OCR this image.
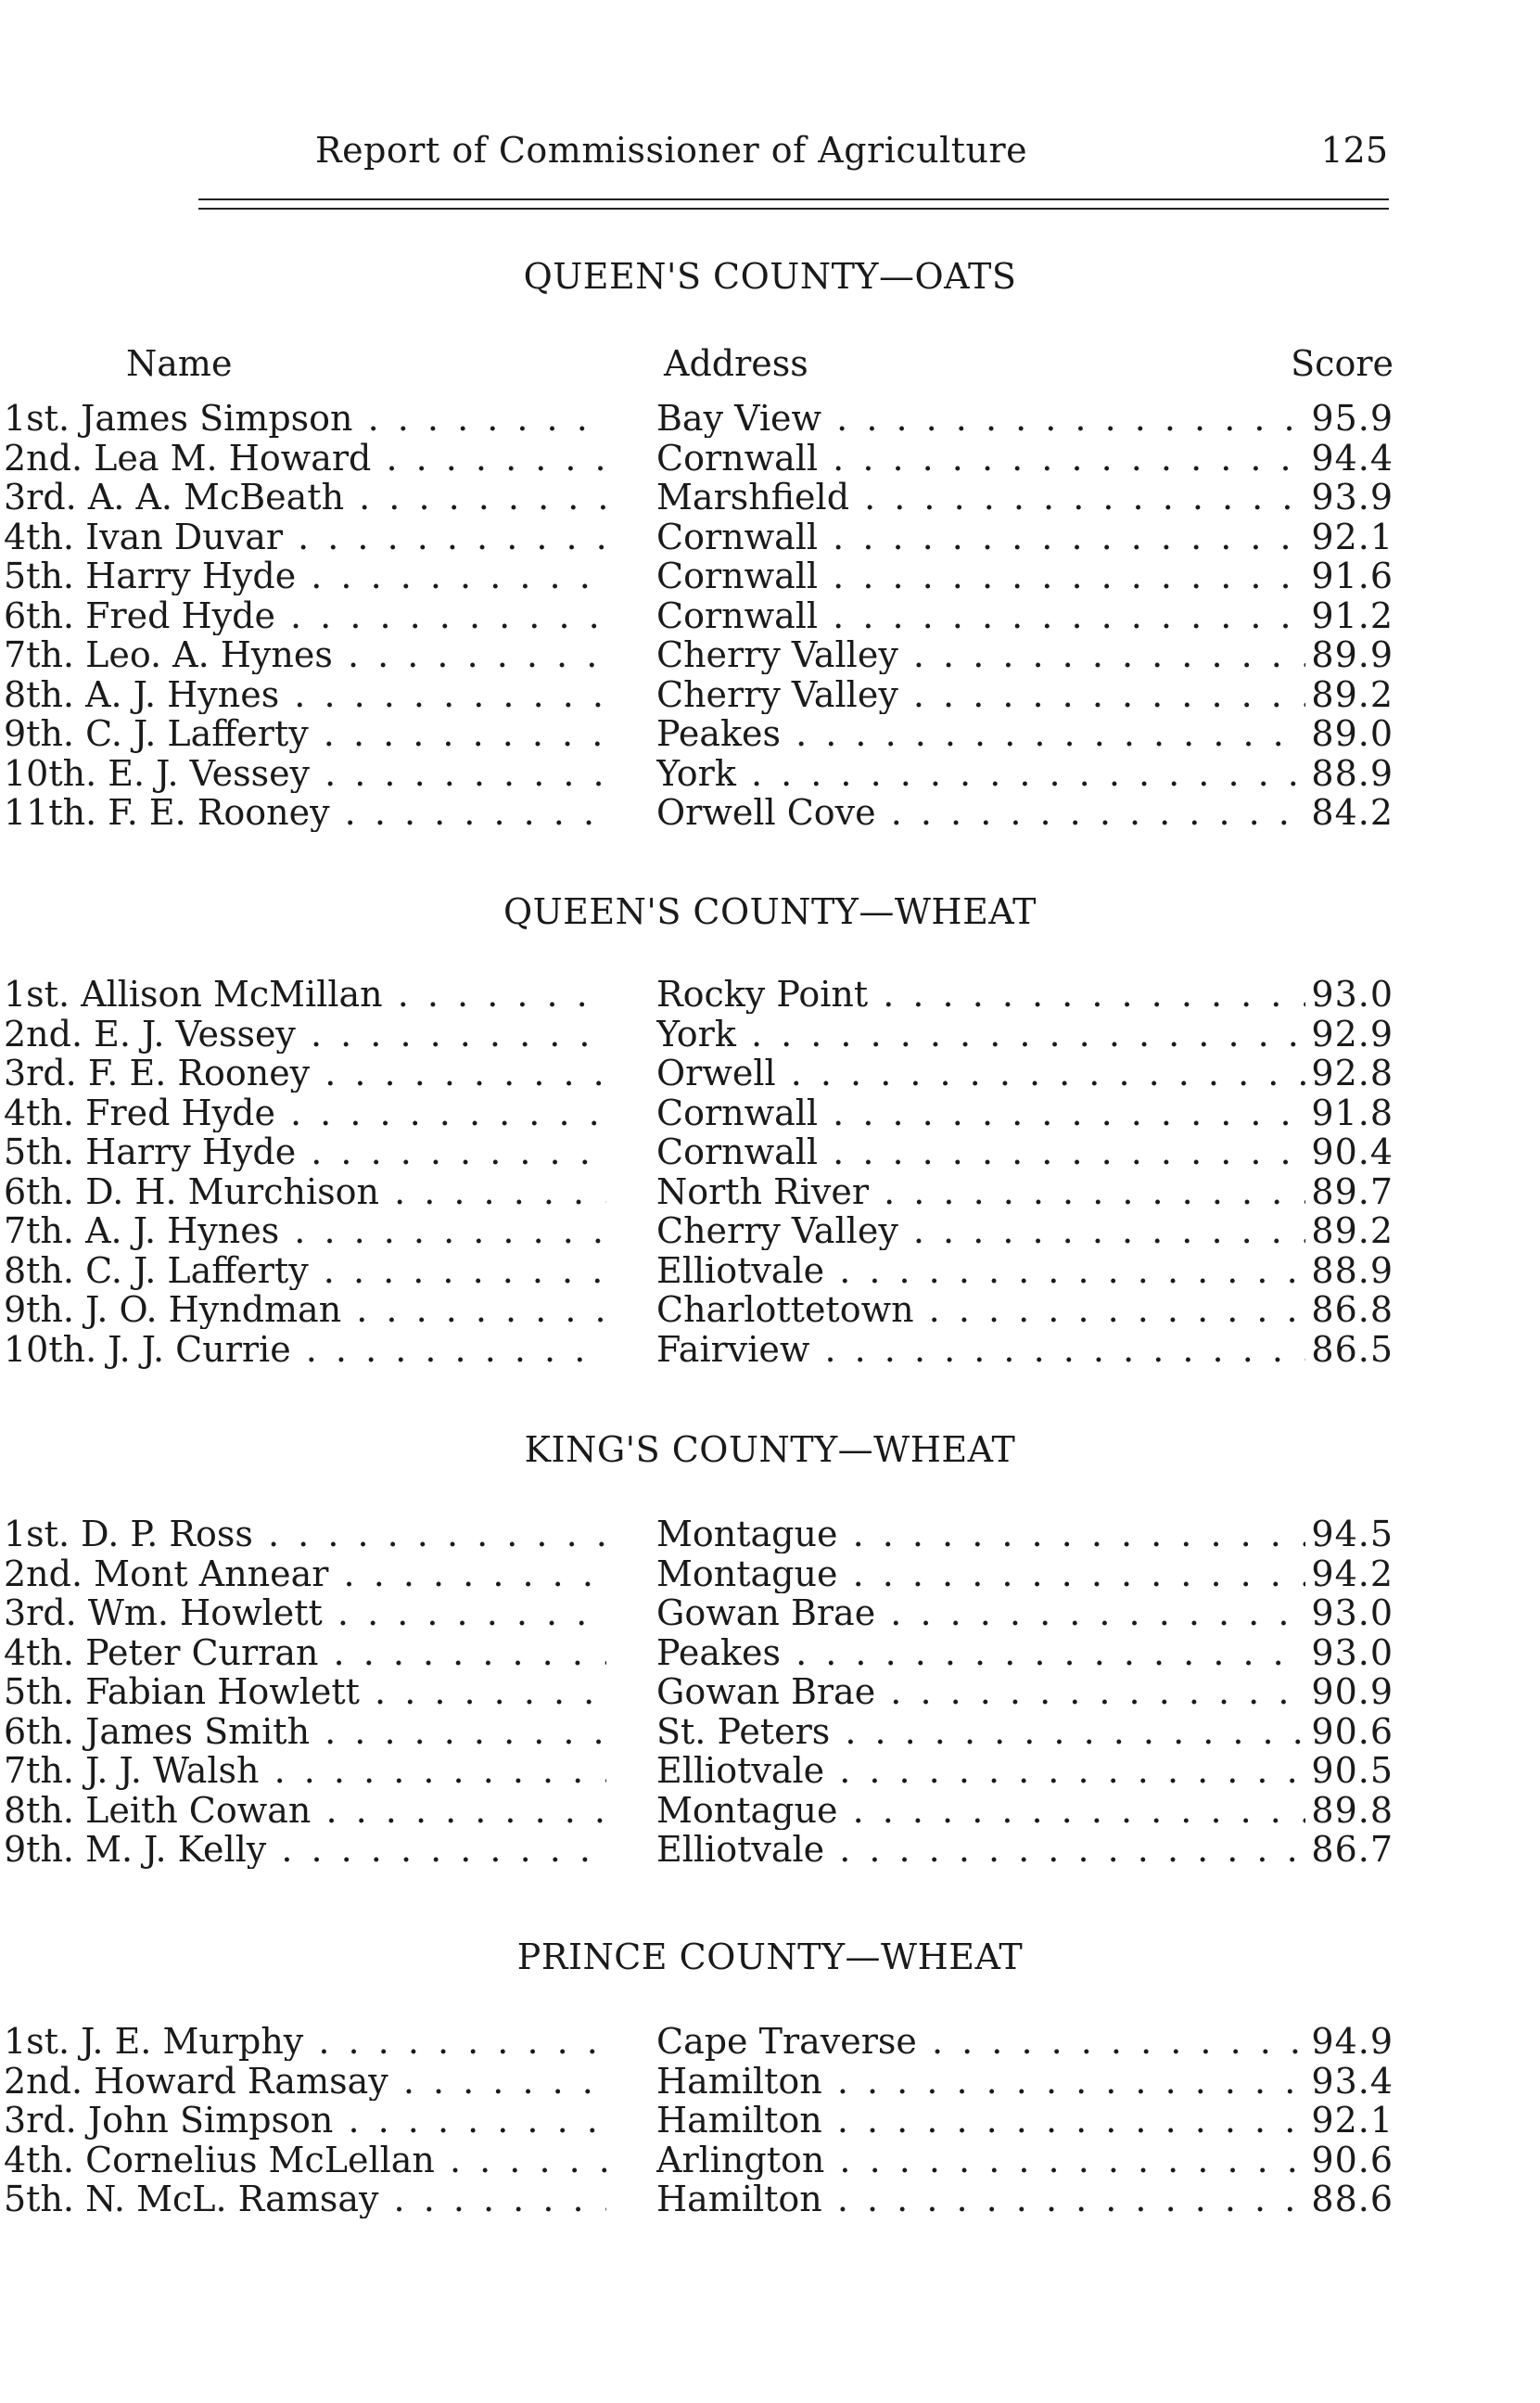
Report of Commissioner of Agriculture	125
QUEEN'S COUNTY—OATS
Name	Address	Score
1st. James Simpson . . .	Bay View . . .	95.9
2nd. Lea M. Howard . . .	Cornwall . . .	94.4
3rd. A. A. McBeath . . .	Marshfield . . .	93.9
4th. Ivan Duvar . . .	Cornwall . . .	92.1
5th. Harry Hyde . . .	Cornwall . . .	91.6
6th. Fred Hyde . . .	Cornwall . . .	91.2
7th. Leo. A. Hynes . . .	Cherry Valley . . .	89.9
8th. A. J. Hynes . . .	Cherry Valley . . .	89.2
9th. C. J. Lafferty . . .	Peakes . . .	89.0
10th. E. J. Vessey . . .	York . . .	88.9
11th. F. E. Rooney . . .	Orwell Cove . . .	84.2
QUEEN'S COUNTY—WHEAT
1st. Allison McMillan . . .	Rocky Point . . .	93.0
2nd. E. J. Vessey . . .	York . . .	92.9
3rd. F. E. Rooney . . .	Orwell . . .	92.8
4th. Fred Hyde . . .	Cornwall . . .	91.8
5th. Harry Hyde . . .	Cornwall . . .	90.4
6th. D. H. Murchison . . .	North River . . .	89.7
7th. A. J. Hynes . . .	Cherry Valley . . .	89.2
8th. C. J. Lafferty . . .	Elliotvale . . .	88.9
9th. J. O. Hyndman . . .	Charlottetown . . .	86.8
10th. J. J. Currie . . .	Fairview . . .	86.5
KING'S COUNTY—WHEAT
1st. D. P. Ross . . .	Montague . . .	94.5
2nd. Mont Annear . . .	Montague . . .	94.2
3rd. Wm. Howlett . . .	Gowan Brae . . .	93.0
4th. Peter Curran . . .	Peakes . . .	93.0
5th. Fabian Howlett . . .	Gowan Brae . . .	90.9
6th. James Smith . . .	St. Peters . . .	90.6
7th. J. J. Walsh . . .	Elliotvale . . .	90.5
8th. Leith Cowan . . .	Montague . . .	89.8
9th. M. J. Kelly . . .	Elliotvale . . .	86.7
PRINCE COUNTY—WHEAT
1st. J. E. Murphy . . .	Cape Traverse . . .	94.9
2nd. Howard Ramsay . . .	Hamilton . . .	93.4
3rd. John Simpson . . .	Hamilton . . .	92.1
4th. Cornelius McLellan . . .	Arlington . . .	90.6
5th. N. McL. Ramsay . . .	Hamilton . . .	88.6
